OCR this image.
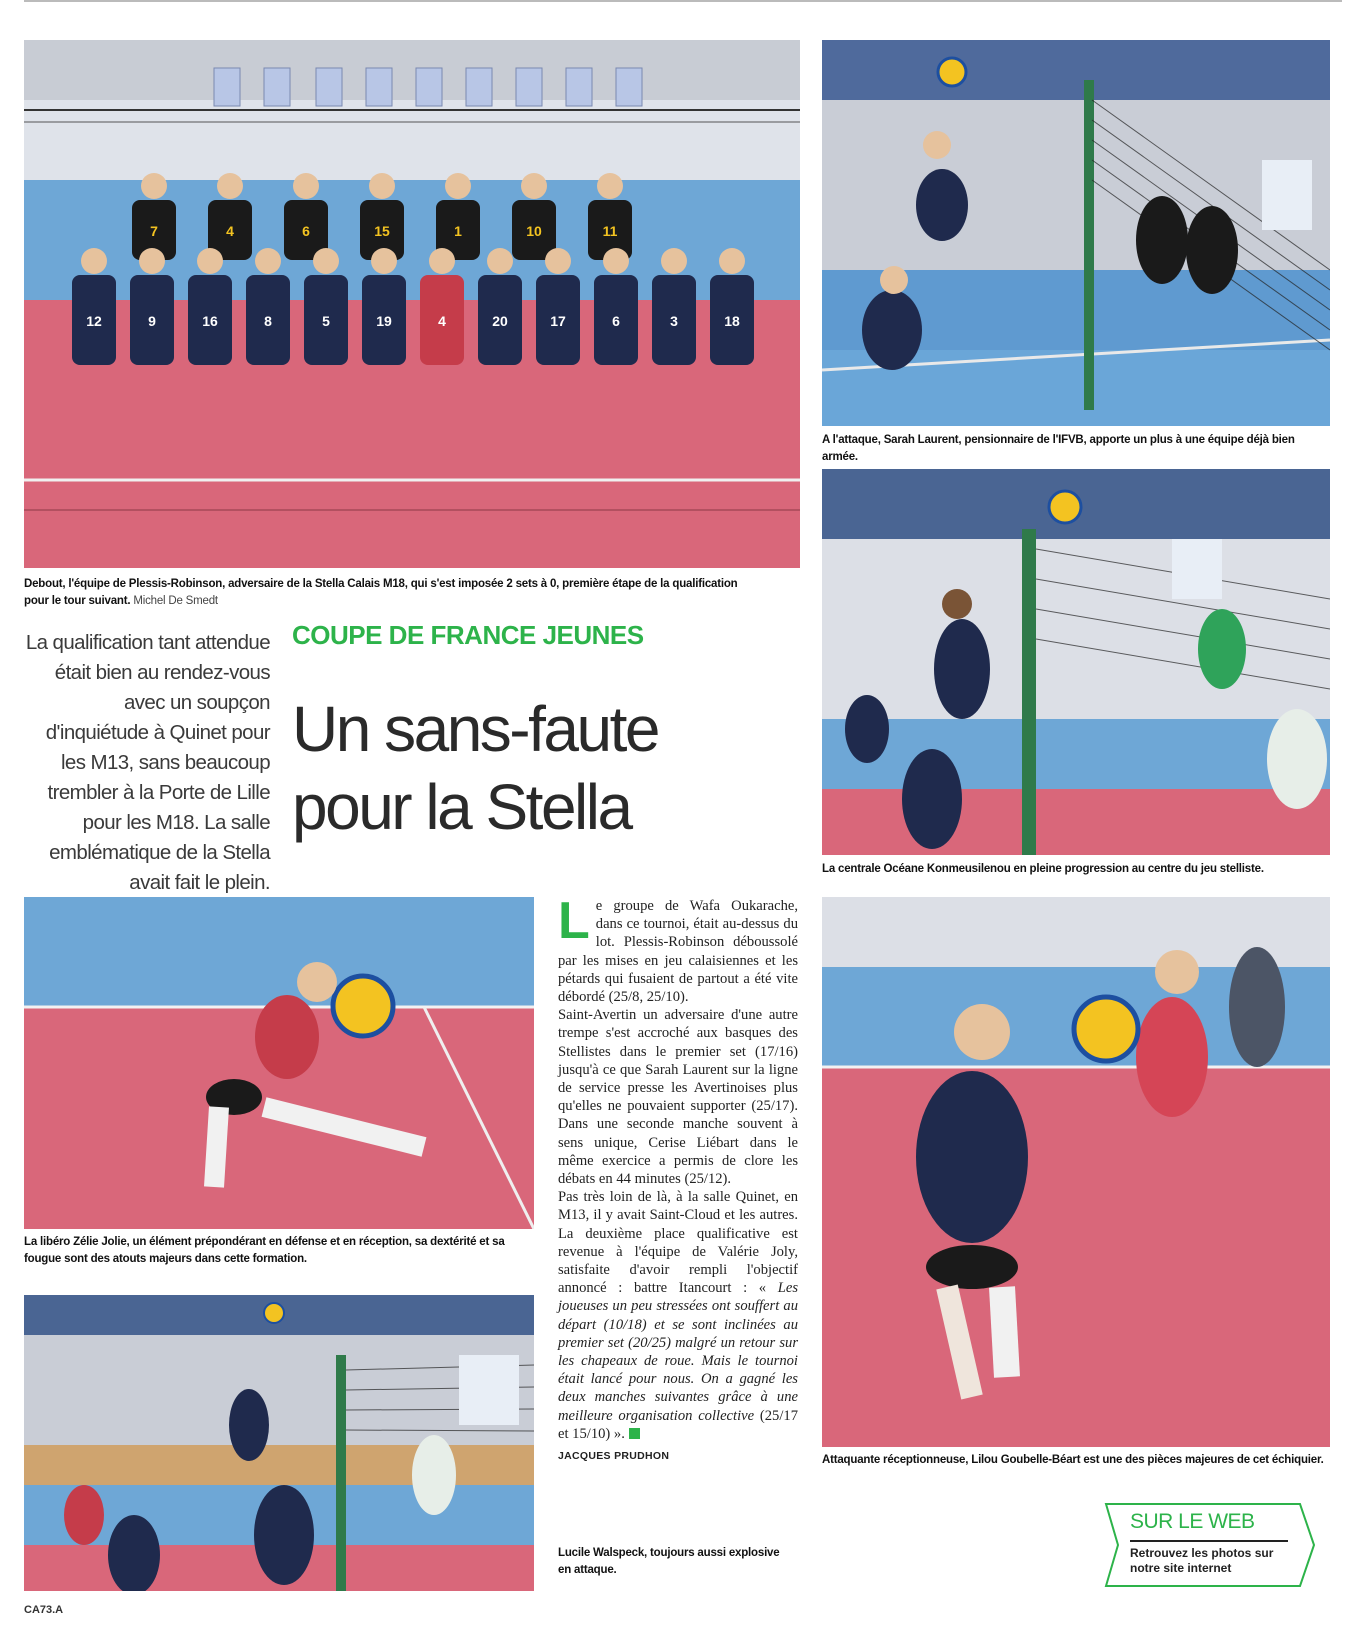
7	4	6	15	1	10	11
12	9	16	8	5	19	4	20	17	6	3	18
Debout, l'équipe de Plessis-Robinson, adversaire de la Stella Calais M18, qui s'est imposée 2 sets à 0, première étape de la qualification pour le tour suivant. Michel De Smedt
A l'attaque, Sarah Laurent, pensionnaire de l'IFVB, apporte un plus à une équipe déjà bien armée.
La centrale Océane Konmeusilenou en pleine progression au centre du jeu stelliste.
La qualification tant attendue était bien au rendez-vous avec un soupçon d'inquiétude à Quinet pour les M13, sans beaucoup trembler à la Porte de Lille pour les M18. La salle emblématique de la Stella avait fait le plein.
COUPE DE FRANCE JEUNES
Un sans-faute
pour la Stella
La libéro Zélie Jolie, un élément prépondérant en défense et en réception, sa dextérité et sa fougue sont des atouts majeurs dans cette formation.
Lucile Walspeck, toujours aussi explosive en attaque.

Le groupe de Wafa Oukarache, dans ce tournoi, était au-dessus du lot. Plessis-Robinson déboussolé par les mises en jeu calaisiennes et les pétards qui fusaient de partout a été vite débordé (25/8, 25/10).

Saint-Avertin un adversaire d'une autre trempe s'est accroché aux basques des Stellistes dans le premier set (17/16) jusqu'à ce que Sarah Laurent sur la ligne de service presse les Avertinoises plus qu'elles ne pouvaient supporter (25/17). Dans une seconde manche souvent à sens unique, Cerise Liébart dans le même exercice a permis de clore les débats en 44 minutes (25/12).

Pas très loin de là, à la salle Quinet, en M13, il y avait Saint-Cloud et les autres. La deuxième place qualificative est revenue à l'équipe de Valérie Joly, satisfaite d'avoir rempli l'objectif annoncé : battre Itancourt : « Les joueuses un peu stressées ont souffert au départ (10/18) et se sont inclinées au premier set (20/25) malgré un retour sur les chapeaux de roue. Mais le tournoi était lancé pour nous. On a gagné les deux manches suivantes grâce à une meilleure organisation collective (25/17 et 15/10) ».

JACQUES PRUDHON	Attaquante réceptionneuse, Lilou Goubelle-Béart est une des pièces majeures de cet échiquier.
SUR LE WEB
Retrouvez les photos sur notre site internet
CA73.A
